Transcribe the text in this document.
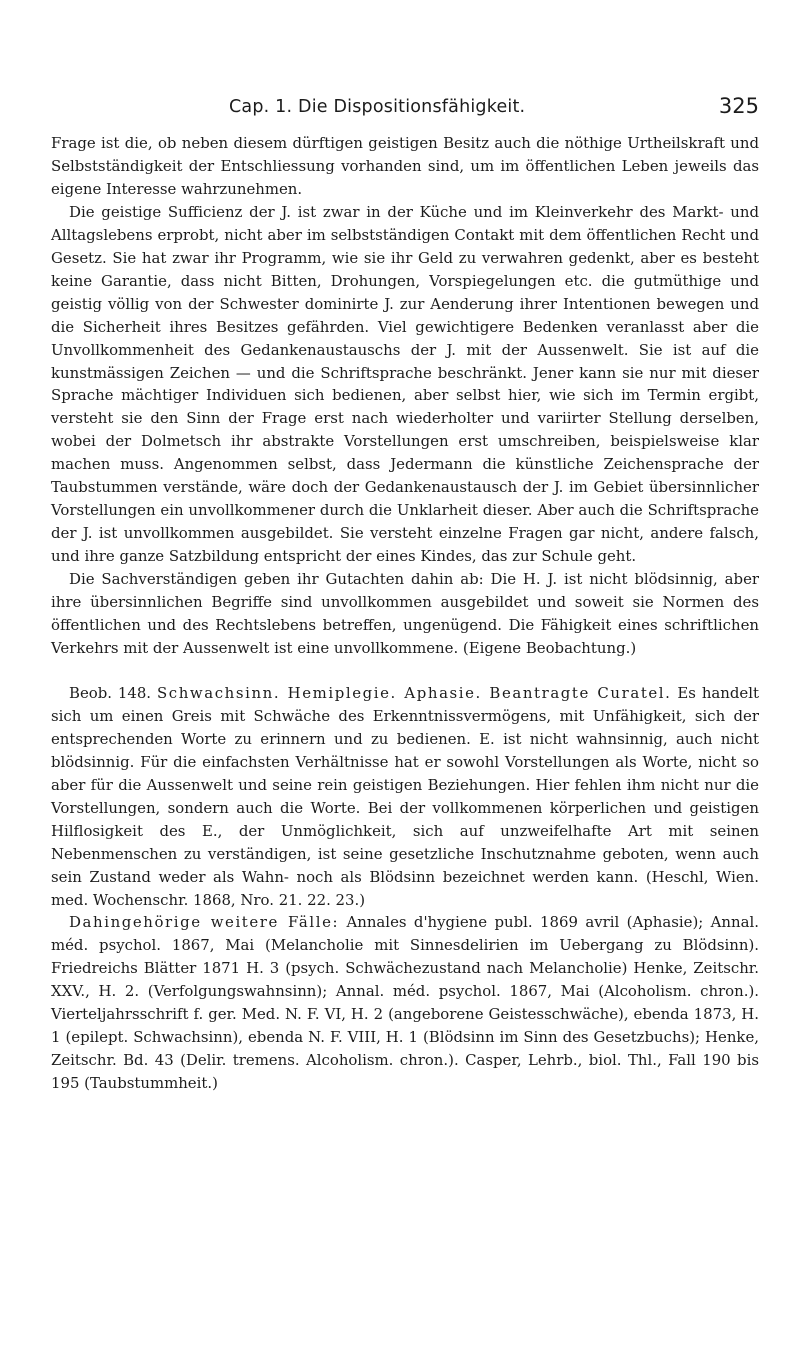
Cap. 1. Die Dispositionsfähigkeit.	325

Frage ist die, ob neben diesem dürftigen geistigen Besitz auch die nöthige Urtheilskraft und Selbstständigkeit der Entschliessung vorhanden sind, um im öffentlichen Leben jeweils das eigene Interesse wahrzunehmen.

Die geistige Sufficienz der J. ist zwar in der Küche und im Kleinverkehr des Markt- und Alltagslebens erprobt, nicht aber im selbstständigen Contakt mit dem öffentlichen Recht und Gesetz. Sie hat zwar ihr Programm, wie sie ihr Geld zu verwahren gedenkt, aber es besteht keine Garantie, dass nicht Bitten, Drohungen, Vorspiegelungen etc. die gutmüthige und geistig völlig von der Schwester dominirte J. zur Aenderung ihrer Intentionen bewegen und die Sicherheit ihres Besitzes gefährden. Viel gewichtigere Bedenken veranlasst aber die Unvollkommenheit des Gedankenaustauschs der J. mit der Aussenwelt. Sie ist auf die kunstmässigen Zeichen — und die Schriftsprache beschränkt. Jener kann sie nur mit dieser Sprache mächtiger Individuen sich bedienen, aber selbst hier, wie sich im Termin ergibt, versteht sie den Sinn der Frage erst nach wiederholter und variirter Stellung derselben, wobei der Dolmetsch ihr abstrakte Vorstellungen erst umschreiben, beispielsweise klar machen muss. Angenommen selbst, dass Jedermann die künstliche Zeichensprache der Taubstummen verstände, wäre doch der Gedankenaustausch der J. im Gebiet übersinnlicher Vorstellungen ein unvollkommener durch die Unklarheit dieser. Aber auch die Schriftsprache der J. ist unvollkommen ausgebildet. Sie versteht einzelne Fragen gar nicht, andere falsch, und ihre ganze Satzbildung entspricht der eines Kindes, das zur Schule geht.

Die Sachverständigen geben ihr Gutachten dahin ab: Die H. J. ist nicht blödsinnig, aber ihre übersinnlichen Begriffe sind unvollkommen ausgebildet und soweit sie Normen des öffentlichen und des Rechtslebens betreffen, ungenügend. Die Fähigkeit eines schriftlichen Verkehrs mit der Aussenwelt ist eine unvollkommene. (Eigene Beobachtung.)

Beob. 148. Schwachsinn. Hemiplegie. Aphasie. Beantragte Curatel. Es handelt sich um einen Greis mit Schwäche des Erkenntnissvermögens, mit Unfähigkeit, sich der entsprechenden Worte zu erinnern und zu bedienen. E. ist nicht wahnsinnig, auch nicht blödsinnig. Für die einfachsten Verhältnisse hat er sowohl Vorstellungen als Worte, nicht so aber für die Aussenwelt und seine rein geistigen Beziehungen. Hier fehlen ihm nicht nur die Vorstellungen, sondern auch die Worte. Bei der vollkommenen körperlichen und geistigen Hilflosigkeit des E., der Unmöglichkeit, sich auf unzweifelhafte Art mit seinen Nebenmenschen zu verständigen, ist seine gesetzliche Inschutznahme geboten, wenn auch sein Zustand weder als Wahn- noch als Blödsinn bezeichnet werden kann. (Heschl, Wien. med. Wochenschr. 1868, Nro. 21. 22. 23.)

Dahingehörige weitere Fälle: Annales d'hygiene publ. 1869 avril (Aphasie); Annal. méd. psychol. 1867, Mai (Melancholie mit Sinnesdelirien im Uebergang zu Blödsinn). Friedreichs Blätter 1871 H. 3 (psych. Schwächezustand nach Melancholie) Henke, Zeitschr. XXV., H. 2. (Verfolgungswahnsinn); Annal. méd. psychol. 1867, Mai (Alcoholism. chron.). Vierteljahrsschrift f. ger. Med. N. F. VI, H. 2 (angeborene Geistesschwäche), ebenda 1873, H. 1 (epilept. Schwachsinn), ebenda N. F. VIII, H. 1 (Blödsinn im Sinn des Gesetzbuchs); Henke, Zeitschr. Bd. 43 (Delir. tremens. Alcoholism. chron.). Casper, Lehrb., biol. Thl., Fall 190 bis 195 (Taubstummheit.)
